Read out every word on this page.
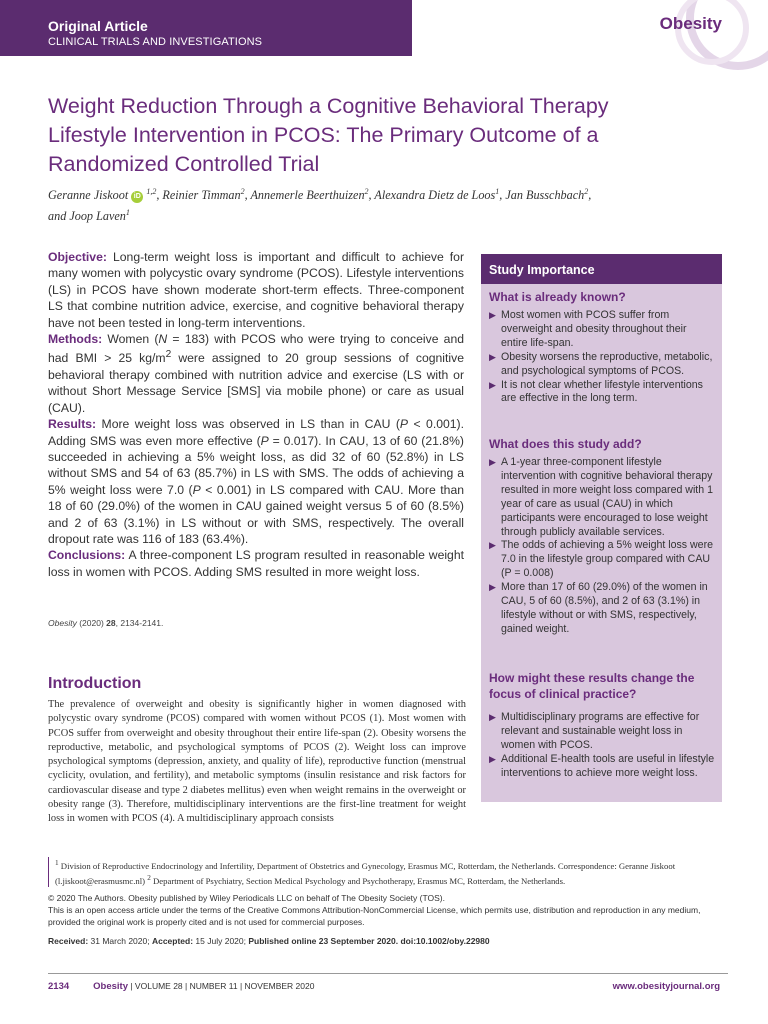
Original Article
CLINICAL TRIALS AND INVESTIGATIONS
Obesity
Weight Reduction Through a Cognitive Behavioral Therapy Lifestyle Intervention in PCOS: The Primary Outcome of a Randomized Controlled Trial
Geranne Jiskoot iD $^{1,2}$, Reinier Timman$^2$, Annemerle Beerthuizen$^2$, Alexandra Dietz de Loos$^1$, Jan Busschbach$^2$,
and Joop Laven$^1$
Objective: Long-term weight loss is important and difficult to achieve for many women with polycystic ovary syndrome (PCOS). Lifestyle interventions (LS) in PCOS have shown moderate short-term effects. Three-component LS that combine nutrition advice, exercise, and cognitive behavioral therapy have not been tested in long-term interventions.
Methods: Women (N = 183) with PCOS who were trying to conceive and had BMI > 25 $kg/m^2$ were assigned to 20 group sessions of cognitive behavioral therapy combined with nutrition advice and exercise (LS with or without Short Message Service [SMS] via mobile phone) or care as usual (CAU).
Results: More weight loss was observed in LS than in CAU (P < 0.001). Adding SMS was even more effective (P = 0.017). In CAU, 13 of 60 (21.8%) succeeded in achieving a 5% weight loss, as did 32 of 60 (52.8%) in LS without SMS and 54 of 63 (85.7%) in LS with SMS. The odds of achieving a 5% weight loss were 7.0 (P < 0.001) in LS compared with CAU. More than 18 of 60 (29.0%) of the women in CAU gained weight versus 5 of 60 (8.5%) and 2 of 63 (3.1%) in LS without or with SMS, respectively. The overall dropout rate was 116 of 183 (63.4%).
Conclusions: A three-component LS program resulted in reasonable weight loss in women with PCOS. Adding SMS resulted in more weight loss.
Obesity (2020) 28, 2134-2141.
Introduction
The prevalence of overweight and obesity is significantly higher in women diagnosed with polycystic ovary syndrome (PCOS) compared with women without PCOS (1). Most women with PCOS suffer from overweight and obesity throughout their entire life-span (2). Obesity worsens the reproductive, metabolic, and psychological symptoms of PCOS (2). Weight loss can improve psychological symptoms (depression, anxiety, and quality of life), reproductive function (menstrual cyclicity, ovulation, and fertility), and metabolic symptoms (insulin resistance and risk factors for cardiovascular disease and type 2 diabetes mellitus) even when weight remains in the overweight or obesity range (3). Therefore, multidisciplinary interventions are the first-line treatment for weight loss in women with PCOS (4). A multidisciplinary approach consists
Study Importance
What is already known?
▶ Most women with PCOS suffer from overweight and obesity throughout their entire life-span.
▶ Obesity worsens the reproductive, metabolic, and psychological symptoms of PCOS.
▶ It is not clear whether lifestyle interventions are effective in the long term.
What does this study add?
▶ A 1-year three-component lifestyle intervention with cognitive behavioral therapy resulted in more weight loss compared with 1 year of care as usual (CAU) in which participants were encouraged to lose weight through publicly available services.
▶ The odds of achieving a 5% weight loss were 7.0 in the lifestyle group compared with CAU (P = 0.008)
▶ More than 17 of 60 (29.0%) of the women in CAU, 5 of 60 (8.5%), and 2 of 63 (3.1%) in lifestyle without or with SMS, respectively, gained weight.
How might these results change the focus of clinical practice?
▶ Multidisciplinary programs are effective for relevant and sustainable weight loss in women with PCOS.
▶ Additional E-health tools are useful in lifestyle interventions to achieve more weight loss.
$^1$ Division of Reproductive Endocrinology and Infertility, Department of Obstetrics and Gynecology, Erasmus MC, Rotterdam, the Netherlands. Correspondence: Geranne Jiskoot (l.jiskoot@erasmusmc.nl) $^2$ Department of Psychiatry, Section Medical Psychology and Psychotherapy, Erasmus MC, Rotterdam, the Netherlands.
© 2020 The Authors. Obesity published by Wiley Periodicals LLC on behalf of The Obesity Society (TOS).
This is an open access article under the terms of the Creative Commons Attribution-NonCommercial License, which permits use, distribution and reproduction in any medium, provided the original work is properly cited and is not used for commercial purposes.
Received: 31 March 2020; Accepted: 15 July 2020; Published online 23 September 2020. doi:10.1002/oby.22980
2134	Obesity | VOLUME 28 | NUMBER 11 | NOVEMBER 2020	www.obesityjournal.org
